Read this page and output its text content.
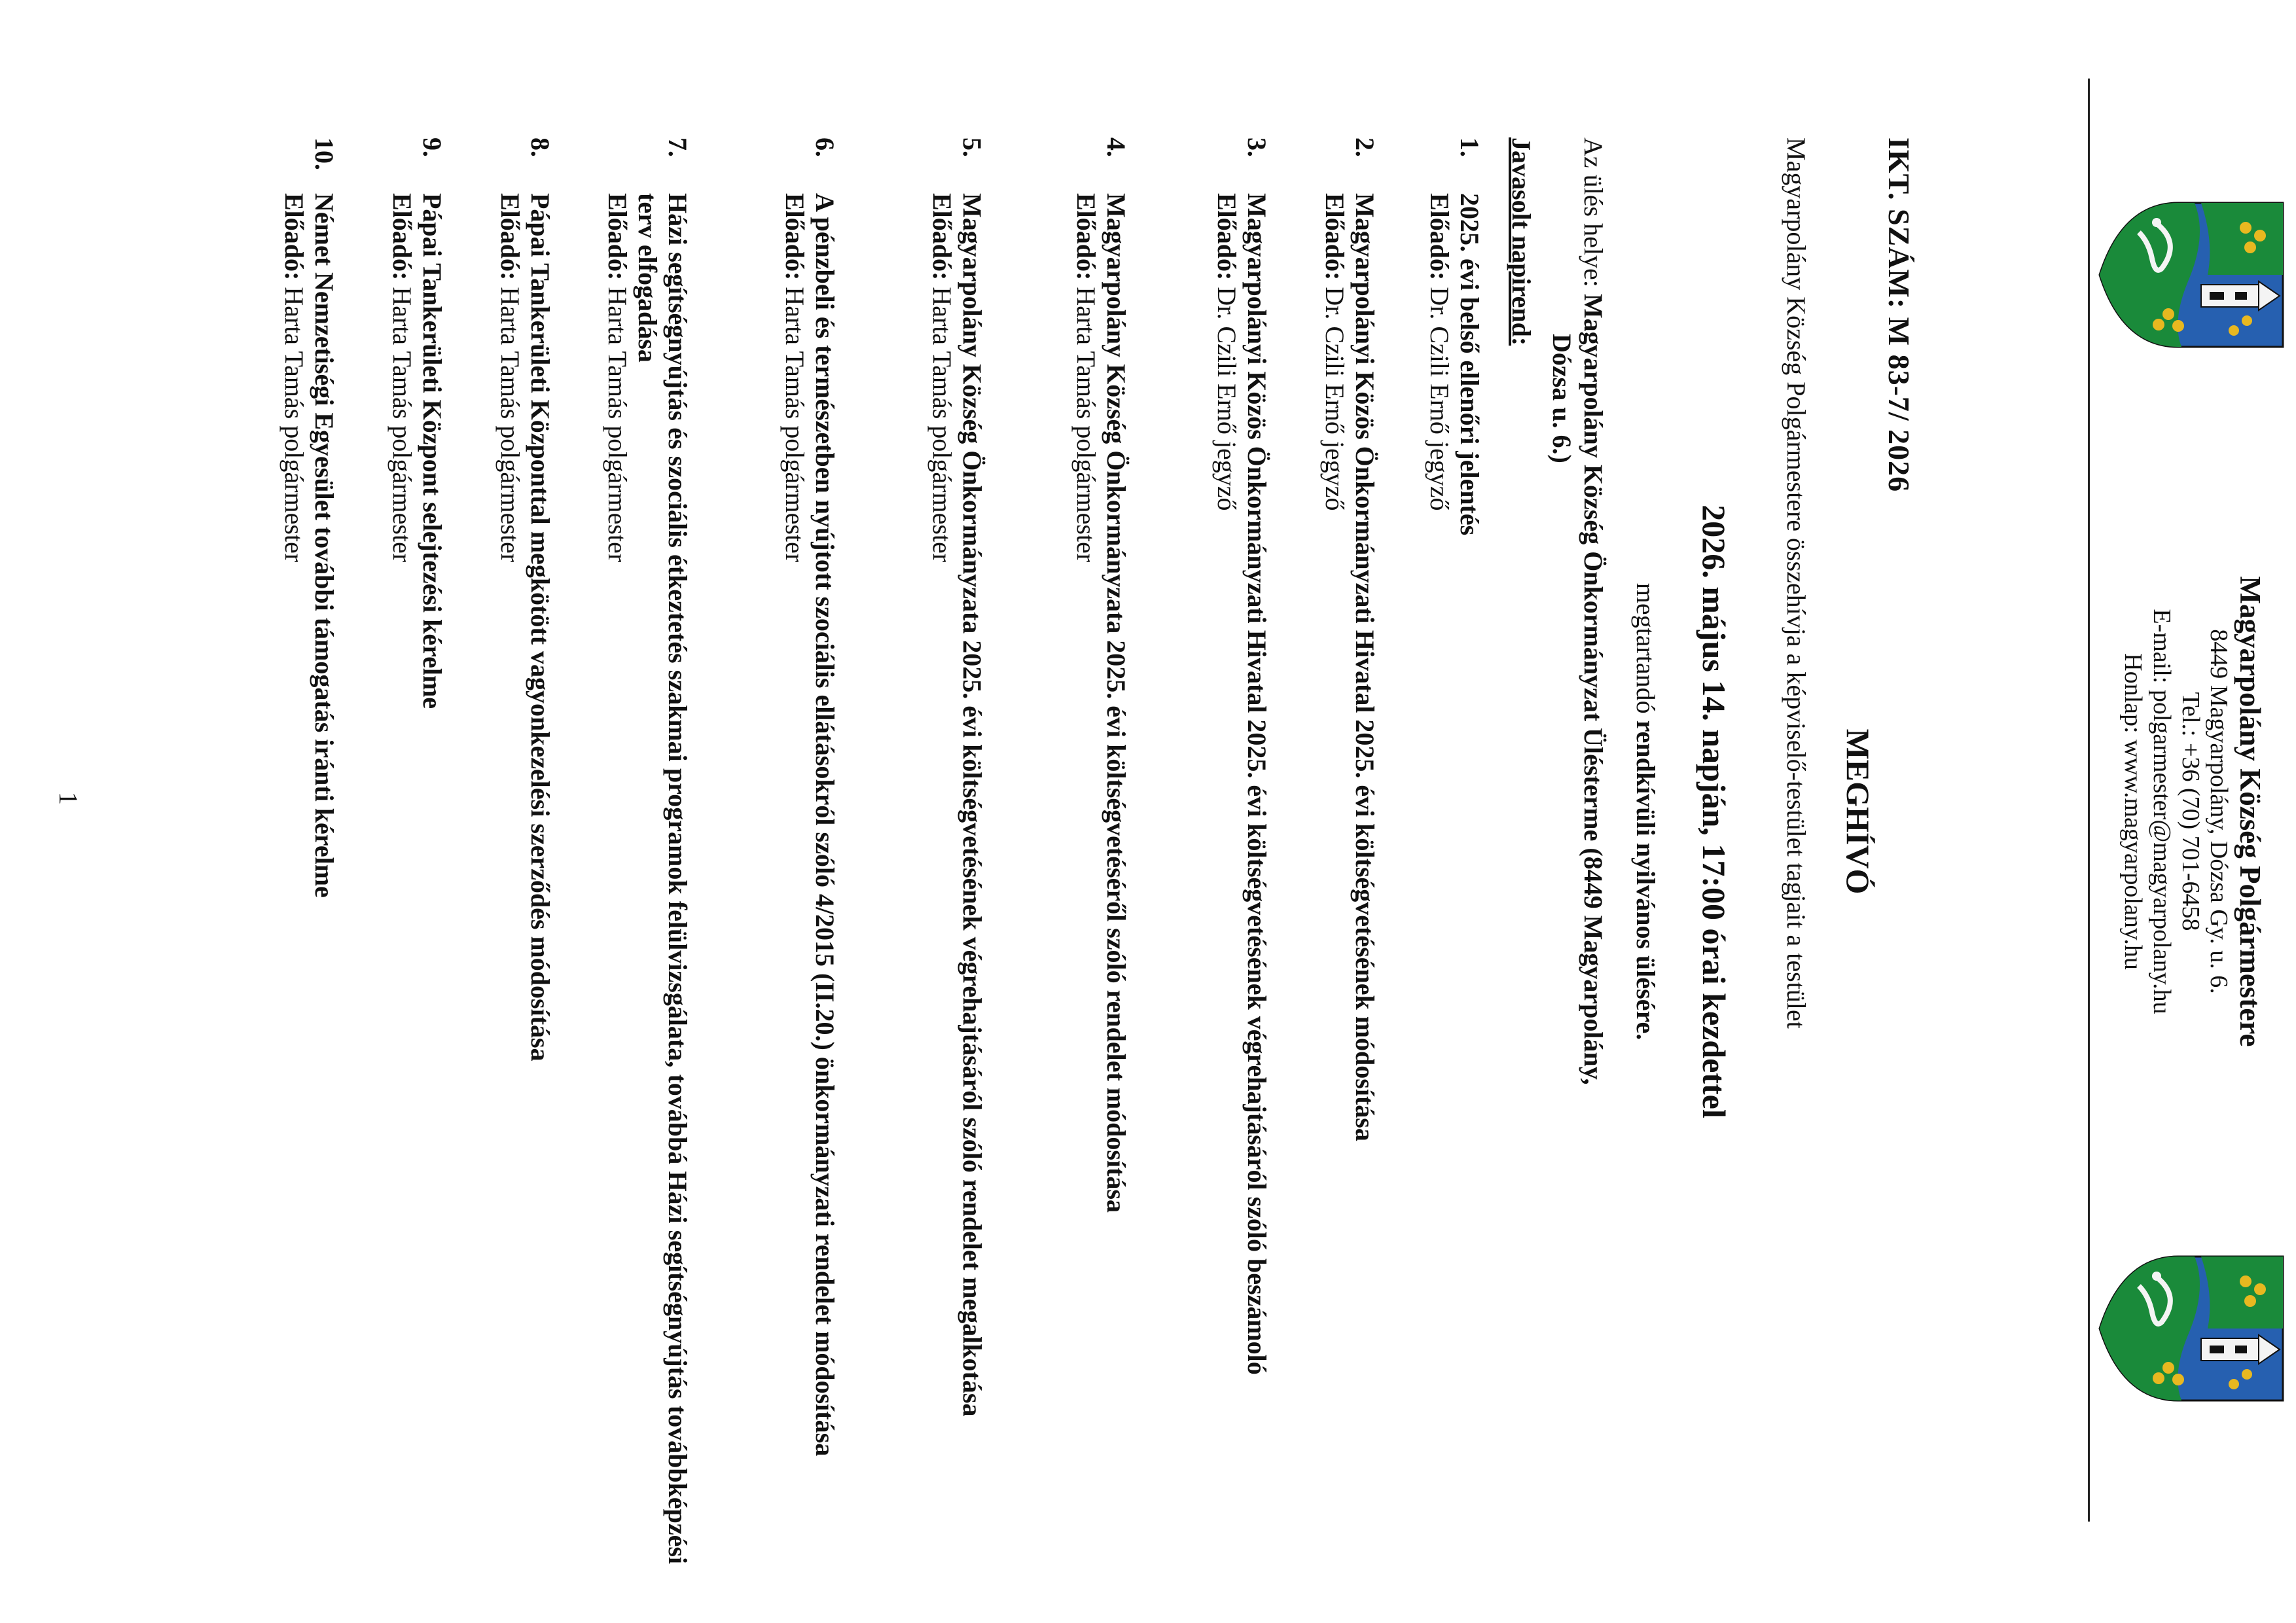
Magyarpolány Község Polgármestere
8449 Magyarpolány, Dózsa Gy. u. 6.
Tel.: +36 (70) 701-6458
E-mail: polgarmester@magyarpolany.hu
Honlap: www.magyarpolany.hu
IKT. SZÁM: M 83-7/ 2026
MEGHÍVÓ
Magyarpolány Község Polgármestere összehívja a képviselő-testület tagjait a testület
2026. május 14. napján, 17:00 órai kezdettel
megtartandó rendkívüli nyilvános ülésére.
Az ülés helye: Magyarpolány Község Önkormányzat Ülésterme (8449 Magyarpolány,
Dózsa u. 6.)
Javasolt napirend:
1.
2025. évi belső ellenőri jelentés
Előadó: Dr. Czili Ernő jegyző
2.
Magyarpolányi Közös Önkormányzati Hivatal 2025. évi költségvetésének módosítása
Előadó: Dr. Czili Ernő jegyző
3.
Magyarpolányi Közös Önkormányzati Hivatal 2025. évi költségvetésének végrehajtásáról szóló beszámoló
Előadó: Dr. Czili Ernő jegyző
4.
Magyarpolány Község Önkormányzata 2025. évi költségvetéséről szóló rendelet módosítása
Előadó: Harta Tamás polgármester
5.
Magyarpolány Község Önkormányzata 2025. évi költségvetésének végrehajtásáról szóló rendelet megalkotása
Előadó: Harta Tamás polgármester
6.
A pénzbeli és természetben nyújtott szociális ellátásokról szóló 4/2015 (II.20.) önkormányzati rendelet módosítása
Előadó: Harta Tamás polgármester
7.
Házi segítségnyújtás és szociális étkeztetés szakmai programok felülvizsgálata, továbbá Házi segítségnyújtás továbbképzési terv elfogadása
Előadó: Harta Tamás polgármester
8.
Pápai Tankerületi Központtal megkötött vagyonkezelési szerződés módosítása
Előadó: Harta Tamás polgármester
9.
Pápai Tankerületi Központ selejtezési kérelme
Előadó: Harta Tamás polgármester
10.
Német Nemzetiségi Egyesület további támogatás iránti kérelme
Előadó: Harta Tamás polgármester
1
